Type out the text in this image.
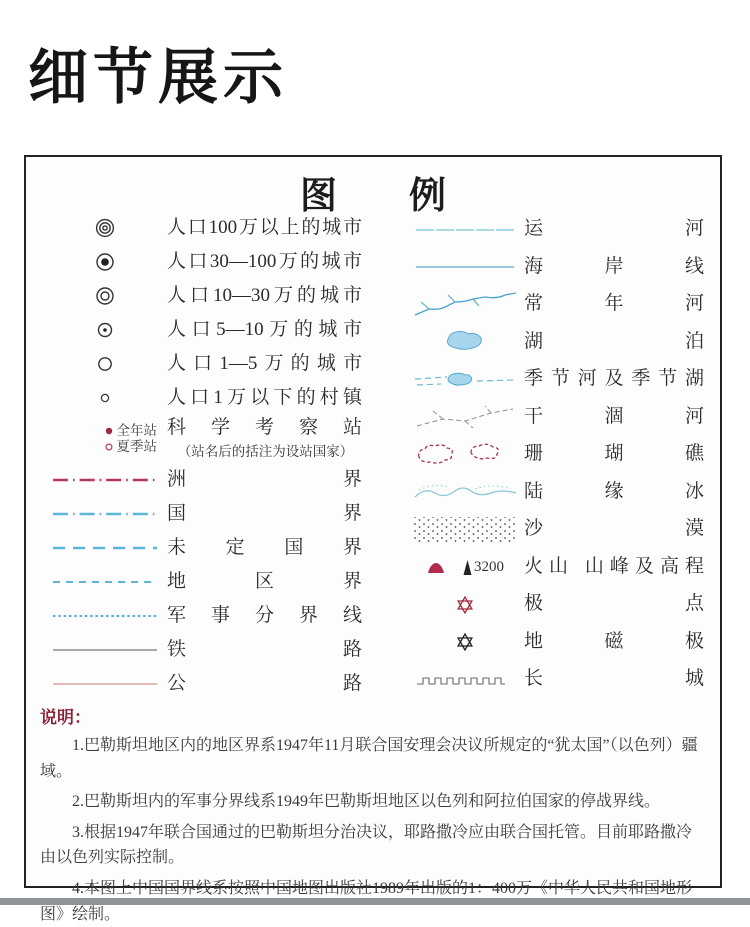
细节展示
图例
人口100万以上的城市
人口30—100万的城市
人口10—30万的城市
人口5—10万的城市
人口1—5万的城市
人口1万以下的村镇
全年站
夏季站
科学考察站
（站名后的括注为设站国家）
洲界
国界
未定国界
地区界
军事分界线
铁路
公路
运河
海岸线
常年河
湖泊
季节河及季节湖
干涸河
珊瑚礁
陆缘冰
沙漠
3200 火山 山峰及高程
极点
地磁极
长城
说明：
1.巴勒斯坦地区内的地区界系1947年11月联合国安理会决议所规定的“犹太国”（以色列）疆域。
2.巴勒斯坦内的军事分界线系1949年巴勒斯坦地区以色列和阿拉伯国家的停战界线。
3.根据1947年联合国通过的巴勒斯坦分治决议，耶路撒冷应由联合国托管。目前耶路撒冷由以色列实际控制。
4.本图上中国国界线系按照中国地图出版社1989年出版的1：400万《中华人民共和国地形图》绘制。
